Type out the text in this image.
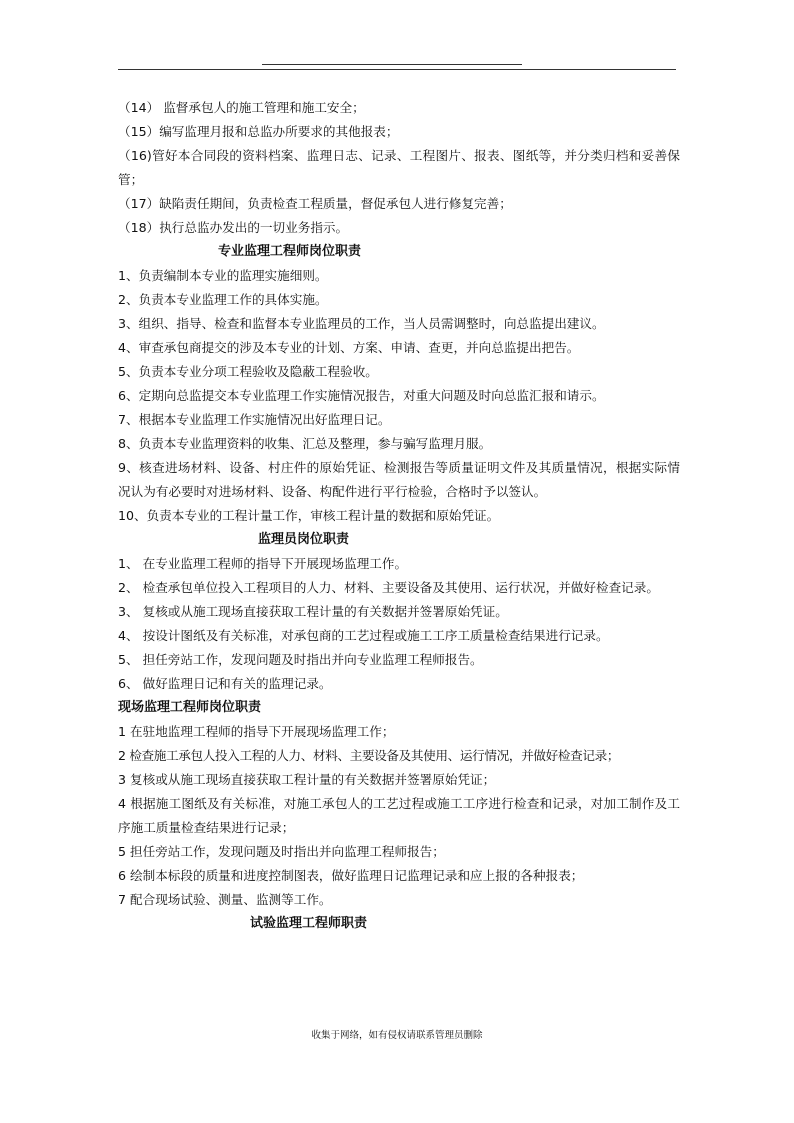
（14） 监督承包人的施工管理和施工安全；

（15）编写监理月报和总监办所要求的其他报表；

（16)管好本合同段的资料档案、监理日志、记录、工程图片、报表、图纸等，并分类归档和妥善保管；

（17）缺陷责任期间，负责检查工程质量，督促承包人进行修复完善；

（18）执行总监办发出的一切业务指示。

专业监理工程师岗位职责

1、负责编制本专业的监理实施细则。

2、负责本专业监理工作的具体实施。

3、组织、指导、检查和监督本专业监理员的工作，当人员需调整时，向总监提出建议。

4、审查承包商提交的涉及本专业的计划、方案、申请、查更，并向总监提出把告。

5、负责本专业分项工程验收及隐蔽工程验收。

6、定期向总监提交本专业监理工作实施情况报告，对重大问题及时向总监汇报和请示。

7、根据本专业监理工作实施情况出好监理日记。

8、负责本专业监理资料的收集、汇总及整理，参与骗写监理月服。

9、核查进场材料、设备、村庄件的原始凭证、检测报告等质量证明文件及其质量情况，根据实际情况认为有必要时对进场材料、设备、构配件进行平行检验，合格时予以签认。

10、负责本专业的工程计量工作，审核工程计量的数据和原始凭证。

监理员岗位职责

1、 在专业监理工程师的指导下开展现场监理工作。

2、 检查承包单位投入工程项目的人力、材料、主要设备及其使用、运行状况，并做好检查记录。

3、 复核或从施工现场直接获取工程计量的有关数据并签署原始凭证。

4、 按设计图纸及有关标准，对承包商的工艺过程或施工工序工质量检查结果进行记录。

5、 担任旁站工作，发现问题及时指出并向专业监理工程师报告。

6、 做好监理日记和有关的监理记录。

现场监理工程师岗位职责

1 在驻地监理工程师的指导下开展现场监理工作；

2 检查施工承包人投入工程的人力、材料、主要设备及其使用、运行情况，并做好检查记录；

3 复核或从施工现场直接获取工程计量的有关数据并签署原始凭证；

4 根据施工图纸及有关标准，对施工承包人的工艺过程或施工工序进行检查和记录，对加工制作及工序施工质量检查结果进行记录；

5 担任旁站工作，发现问题及时指出并向监理工程师报告；

6 绘制本标段的质量和进度控制图表，做好监理日记监理记录和应上报的各种报表；

7 配合现场试验、测量、监测等工作。

试验监理工程师职责

收集于网络，如有侵权请联系管理员删除
